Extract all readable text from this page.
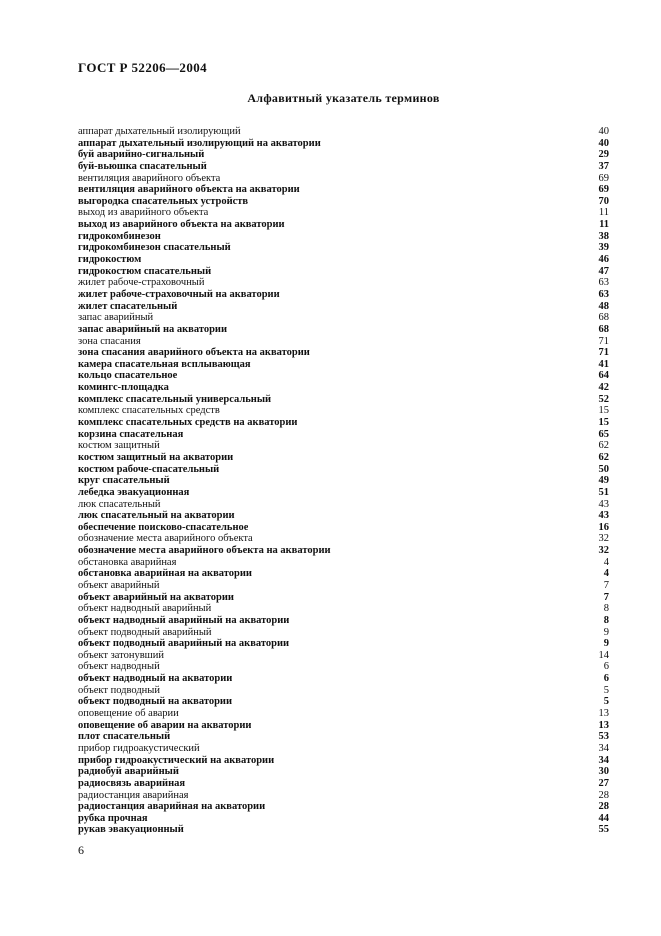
ГОСТ Р 52206—2004
Алфавитный указатель терминов
аппарат дыхательный изолирующий	40
аппарат дыхательный изолирующий на акватории	40
буй аварийно-сигнальный	29
буй-вьюшка спасательный	37
вентиляция аварийного объекта	69
вентиляция аварийного объекта на акватории	69
выгородка спасательных устройств	70
выход из аварийного объекта	11
выход из аварийного объекта на акватории	11
гидрокомбинезон	38
гидрокомбинезон спасательный	39
гидрокостюм	46
гидрокостюм спасательный	47
жилет рабоче-страховочный	63
жилет рабоче-страховочный на акватории	63
жилет спасательный	48
запас аварийный	68
запас аварийный на акватории	68
зона спасания	71
зона спасания аварийного объекта на акватории	71
камера спасательная всплывающая	41
кольцо спасательное	64
комингс-площадка	42
комплекс спасательный универсальный	52
комплекс спасательных средств	15
комплекс спасательных средств на акватории	15
корзина спасательная	65
костюм защитный	62
костюм защитный на акватории	62
костюм рабоче-спасательный	50
круг спасательный	49
лебедка эвакуационная	51
люк спасательный	43
люк спасательный на акватории	43
обеспечение поисково-спасательное	16
обозначение места аварийного объекта	32
обозначение места аварийного объекта на акватории	32
обстановка аварийная	4
обстановка аварийная на акватории	4
объект аварийный	7
объект аварийный на акватории	7
объект надводный аварийный	8
объект надводный аварийный на акватории	8
объект подводный аварийный	9
объект подводный аварийный на акватории	9
объект затонувший	14
объект надводный	6
объект надводный на акватории	6
объект подводный	5
объект подводный на акватории	5
оповещение об аварии	13
оповещение об аварии на акватории	13
плот спасательный	53
прибор гидроакустический	34
прибор гидроакустический на акватории	34
радиобуй аварийный	30
радиосвязь аварийная	27
радиостанция аварийная	28
радиостанция аварийная на акватории	28
рубка прочная	44
рукав эвакуационный	55
6
